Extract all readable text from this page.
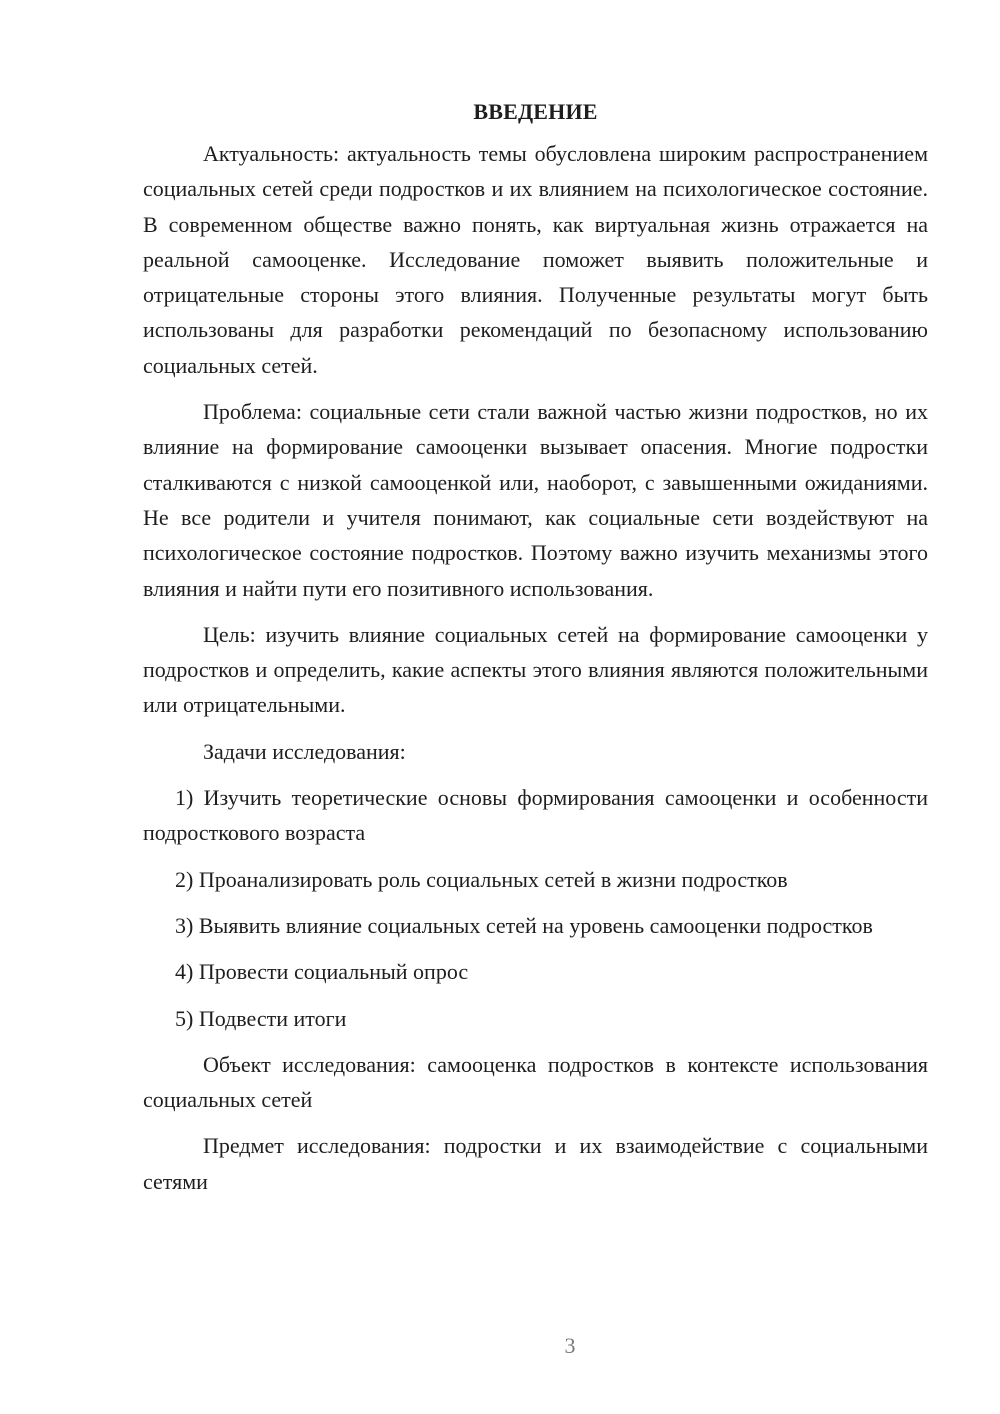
ВВЕДЕНИЕ

Актуальность: актуальность темы обусловлена широким распространением социальных сетей среди подростков и их влиянием на психологическое состояние. В современном обществе важно понять, как виртуальная жизнь отражается на реальной самооценке. Исследование поможет выявить положительные и отрицательные стороны этого влияния. Полученные результаты могут быть использованы для разработки рекомендаций по безопасному использованию социальных сетей.

Проблема: социальные сети стали важной частью жизни подростков, но их влияние на формирование самооценки вызывает опасения. Многие подростки сталкиваются с низкой самооценкой или, наоборот, с завышенными ожиданиями. Не все родители и учителя понимают, как социальные сети воздействуют на психологическое состояние подростков. Поэтому важно изучить механизмы этого влияния и найти пути его позитивного использования.

Цель: изучить влияние социальных сетей на формирование самооценки у подростков и определить, какие аспекты этого влияния являются положительными или отрицательными.

Задачи исследования:

1) Изучить теоретические основы формирования самооценки и особенности подросткового возраста

2) Проанализировать роль социальных сетей в жизни подростков

3) Выявить влияние социальных сетей на уровень самооценки подростков

4) Провести социальный опрос

5) Подвести итоги

Объект исследования: самооценка подростков в контексте использования социальных сетей

Предмет исследования: подростки и их взаимодействие с социальными сетями

3
